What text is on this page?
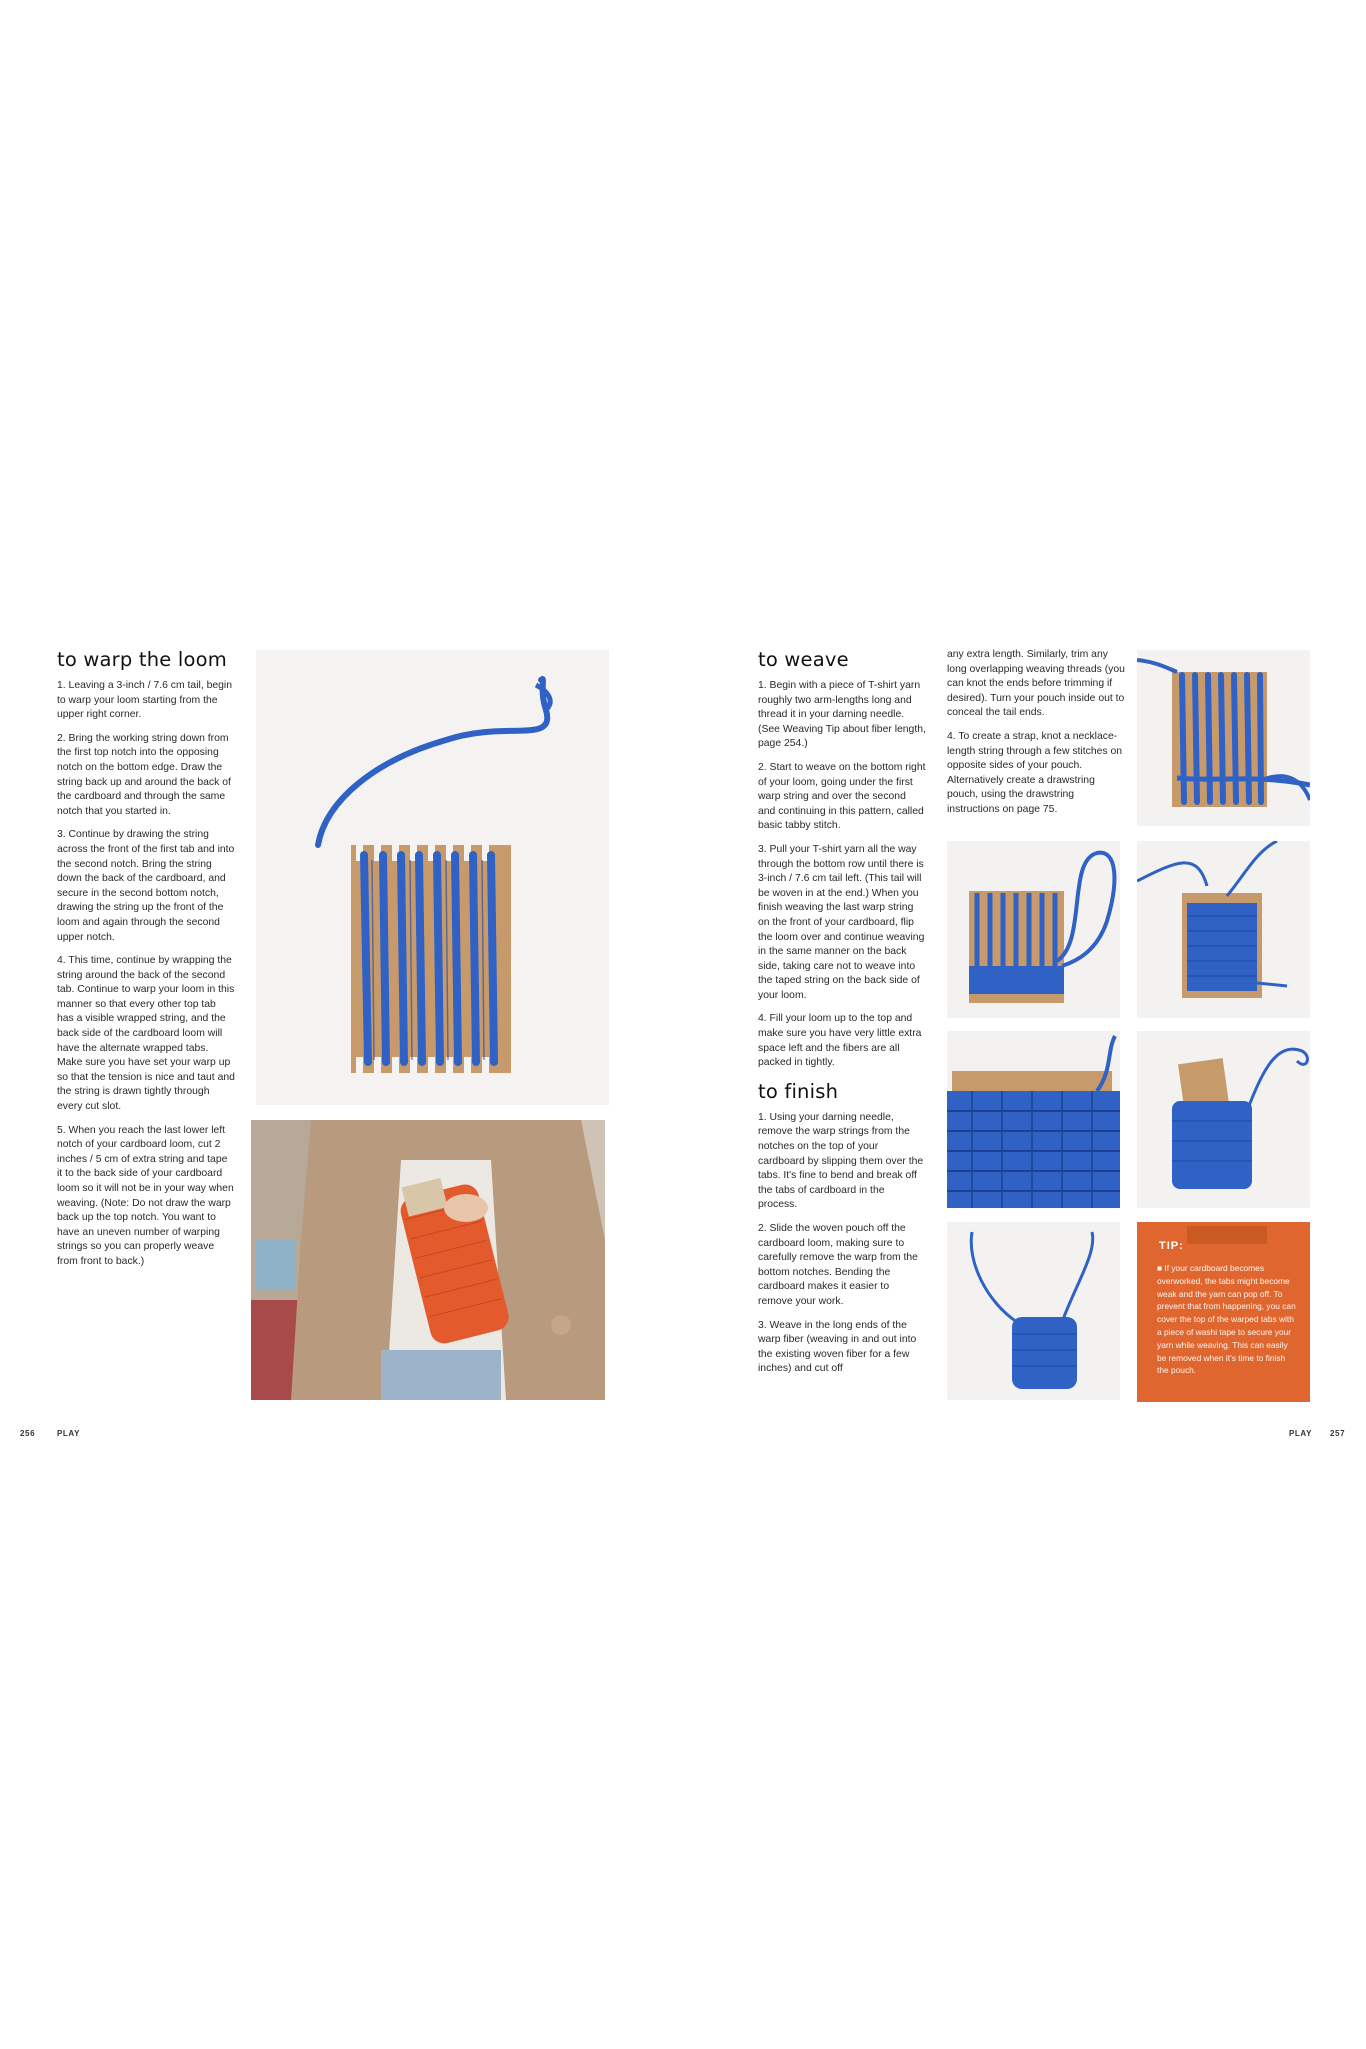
to warp the loom

1. Leaving a 3-inch / 7.6 cm tail, begin to warp your loom starting from the upper right corner.

2. Bring the working string down from the first top notch into the opposing notch on the bottom edge. Draw the string back up and around the back of the cardboard and through the same notch that you started in.

3. Continue by drawing the string across the front of the first tab and into the second notch. Bring the string down the back of the cardboard, and secure in the second bottom notch, drawing the string up the front of the loom and again through the second upper notch.

4. This time, continue by wrapping the string around the back of the second tab. Continue to warp your loom in this manner so that every other top tab has a visible wrapped string, and the back side of the cardboard loom will have the alternate wrapped tabs. Make sure you have set your warp up so that the tension is nice and taut and the string is drawn tightly through every cut slot.

5. When you reach the last lower left notch of your cardboard loom, cut 2 inches / 5 cm of extra string and tape it to the back side of your cardboard loom so it will not be in your way when weaving. (Note: Do not draw the warp back up the top notch. You want to have an uneven number of warping strings so you can properly weave from front to back.)

256	PLAY
to weave

1. Begin with a piece of T-shirt yarn roughly two arm-lengths long and thread it in your darning needle. (See Weaving Tip about fiber length, page 254.)

2. Start to weave on the bottom right of your loom, going under the first warp string and over the second and continuing in this pattern, called basic tabby stitch.

3. Pull your T-shirt yarn all the way through the bottom row until there is 3-inch / 7.6 cm tail left. (This tail will be woven in at the end.) When you finish weaving the last warp string on the front of your cardboard, flip the loom over and continue weaving in the same manner on the back side, taking care not to weave into the taped string on the back side of your loom.

4. Fill your loom up to the top and make sure you have very little extra space left and the fibers are all packed in tightly.

to finish

1. Using your darning needle, remove the warp strings from the notches on the top of your cardboard by slipping them over the tabs. It's fine to bend and break off the tabs of cardboard in the process.

2. Slide the woven pouch off the cardboard loom, making sure to carefully remove the warp from the bottom notches. Bending the cardboard makes it easier to remove your work.

3. Weave in the long ends of the warp fiber (weaving in and out into the existing woven fiber for a few inches) and cut off

any extra length. Similarly, trim any long overlapping weaving threads (you can knot the ends before trimming if desired). Turn your pouch inside out to conceal the tail ends.

4. To create a strap, knot a necklace-length string through a few stitches on opposite sides of your pouch. Alternatively create a drawstring pouch, using the drawstring instructions on page 75.

TIP:
■ If your cardboard becomes overworked, the tabs might become weak and the yarn can pop off. To prevent that from happening, you can cover the top of the warped tabs with a piece of washi tape to secure your yarn while weaving. This can easily be removed when it's time to finish the pouch.
PLAY 257
